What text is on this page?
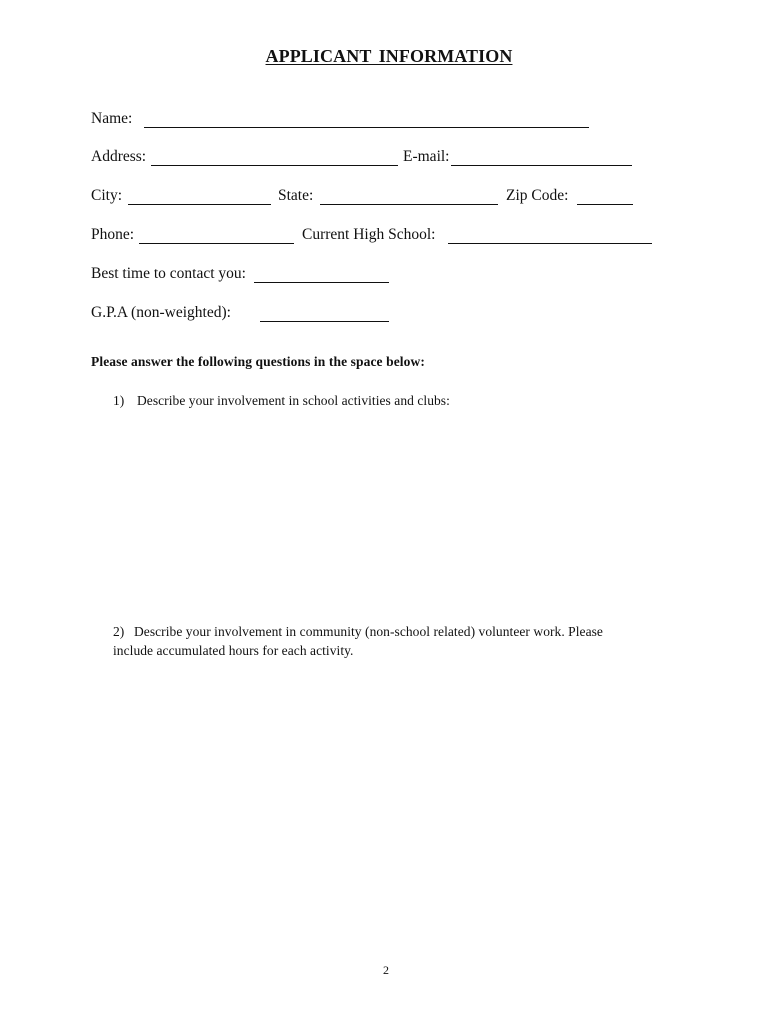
APPLICANT INFORMATION
Name:
Address:	E-mail:
City:	State:	Zip Code:
Phone:	Current High School:
Best time to contact you:
G.P.A (non-weighted):
Please answer the following questions in the space below:
1) Describe your involvement in school activities and clubs:
2) Describe your involvement in community (non-school related) volunteer work. Please
include accumulated hours for each activity.
2
